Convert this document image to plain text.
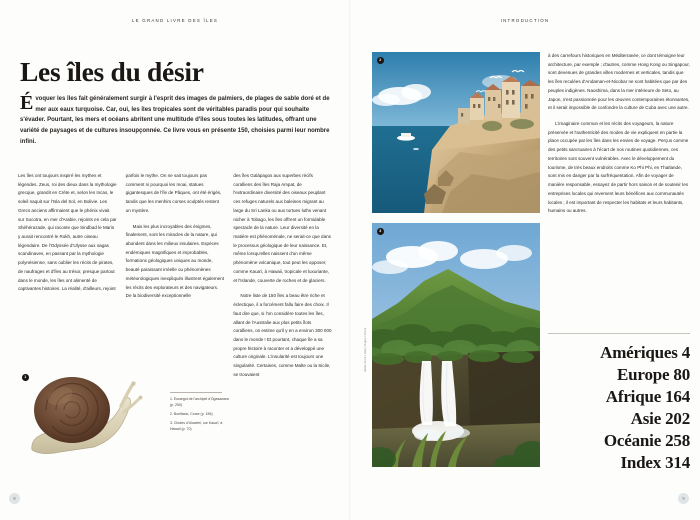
LE GRAND LIVRE DES ÎLES
Les îles du désir

Évoquer les îles fait généralement surgir à l'esprit des images de palmiers, de plages de sable doré et de mer aux eaux turquoise. Car, oui, les îles tropicales sont de véritables paradis pour qui souhaite s'évader. Pourtant, les mers et océans abritent une multitude d'îles sous toutes les latitudes, offrant une variété de paysages et de cultures insoupçonnée. Ce livre vous en présente 150, choisies parmi leur nombre infini.

Les îles ont toujours inspiré les mythes et légendes. Zeus, roi des dieux dans la mythologie grecque, grandit en Crète et, selon les Incas, le soleil naquit sur l'Isla del Sol, en Bolivie. Les Grecs anciens affirmaient que le phénix vivait sur Socotra, en mer d'Arabie, rejoints en cela par Shéhérazade, qui raconte que Sindbad le Marin y aurait rencontré le Rokh, autre oiseau légendaire. De l'Odyssée d'Ulysse aux sagas scandinaves, en passant par la mythologie polynésienne, sans oublier les récits de pirates, de naufrages et d'îles au trésor, presque partout dans le monde, les îles ont alimenté de captivantes histoires. La réalité, d'ailleurs, rejoint

parfois le mythe. On ne sait toujours pas comment ni pourquoi les moai, statues gigantesques de l'île de Pâques, ont été érigés, tandis que les menhirs corses sculptés restent un mystère.

Mais les plus incroyables des énigmes, finalement, sont les miracles de la nature, qui abondent dans les milieux insulaires. Espèces endémiques magnifiques et improbables, formations géologiques uniques au monde, beauté paraissant irréelle ou phénomènes météorologiques inexpliqués illustrent également les récits des explorateurs et des navigateurs. De la biodiversité exceptionnelle

des îles Galápagos aux superbes récifs coralliens des îles Raja Ampat, de l'extraordinaire diversité des oiseaux peuplant ces refuges naturels aux baleines migrant au large du Sri Lanka ou aux tortues luths venant nicher à Tobago, les îles offrent un formidable spectacle de la nature. Leur diversité en la matière est phénoménale, ne serait-ce que dans le processus géologique de leur naissance. Et, même lorsqu'elles naissent d'un même phénomène volcanique, tout peut les opposer, comme Kaua'i, à Hawaii, tropicale et luxuriante, et l'Islande, couverte de roches et de glaciers.

Notre liste de 150 îles a beau être riche et éclectique, il a forcément fallu faire des choix. Il faut dire que, si l'on considère toutes les îles, allant de l'Australie aux plus petits îlots coralliens, on estime qu'il y en a environ 300 000 dans le monde ! Et pourtant, chaque île a sa propre histoire à raconter et a développé une culture originale. L'insularité est toujours une singularité. Certaines, comme Malte ou la Sicile, se trouvaient

1
1. Escargot de l'archipel d'Ogasawara (p. 250)
2. Bonifacio, Corse (p. 156)
3. Chutes d'Uluwehi, sur Kaua'i, à Hawaii (p. 70)
8
INTRODUCTION
9
2
3
Adobe Stock / Getty Images / iStock

à des carrefours historiques en Méditerranée, ce dont témoigne leur architecture, par exemple ; d'autres, comme Hong Kong ou Singapour, sont devenues de grandes villes modernes et verticales, tandis que les îles reculées d'Andaman-et-Nicobar ne sont habitées que par des peuples indigènes. Naoshima, dans la mer intérieure de Seto, au Japon, s'est passionnée pour les œuvres contemporaines étonnantes, et il serait impossible de confondre la culture de Cuba avec une autre.

L'imaginaire commun et les récits des voyageurs, la nature préservée et l'authenticité des modes de vie expliquent en partie la place occupée par les îles dans les envies de voyage. Perçus comme des petits sanctuaires à l'écart de nos routines quotidiennes, ces territoires sont souvent vulnérables. Avec le développement du tourisme, de très beaux endroits comme Ko Phi Phi, en Thaïlande, sont mis en danger par la surfréquentation. Afin de voyager de manière responsable, essayez de partir hors saison et de soutenir les entreprises locales qui reversent leurs bénéfices aux communautés locales ; il est important de respecter les habitats et leurs habitants, humains ou autres.

Amériques 4
Europe 80
Afrique 164
Asie 202
Océanie 258
Index 314
